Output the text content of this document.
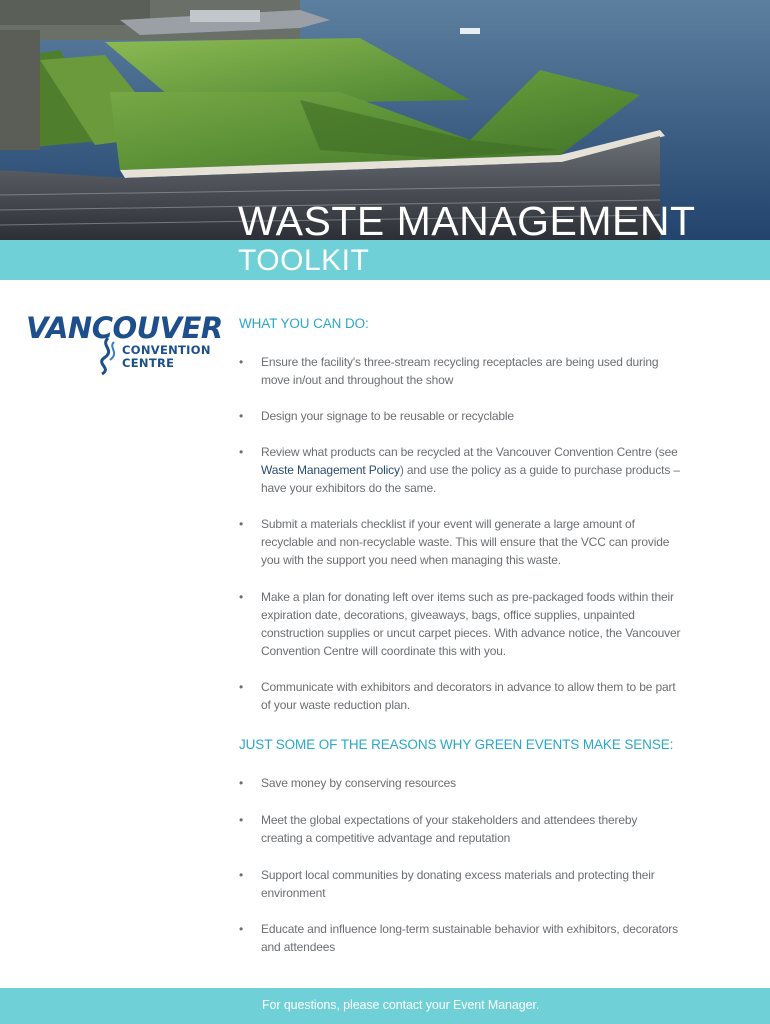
WASTE MANAGEMENT
TOOLKIT
VANCOUVER
CONVENTION
CENTRE
WHAT YOU CAN DO:
• Ensure the facility's three-stream recycling receptacles are being used during move in/out and throughout the show
• Design your signage to be reusable or recyclable
• Review what products can be recycled at the Vancouver Convention Centre (see Waste Management Policy) and use the policy as a guide to purchase products – have your exhibitors do the same.
• Submit a materials checklist if your event will generate a large amount of recyclable and non-recyclable waste. This will ensure that the VCC can provide you with the support you need when managing this waste.
• Make a plan for donating left over items such as pre-packaged foods within their expiration date, decorations, giveaways, bags, office supplies, unpainted construction supplies or uncut carpet pieces. With advance notice, the Vancouver Convention Centre will coordinate this with you.
• Communicate with exhibitors and decorators in advance to allow them to be part of your waste reduction plan.
JUST SOME OF THE REASONS WHY GREEN EVENTS MAKE SENSE:
• Save money by conserving resources
• Meet the global expectations of your stakeholders and attendees thereby creating a competitive advantage and reputation
• Support local communities by donating excess materials and protecting their environment
• Educate and influence long-term sustainable behavior with exhibitors, decorators and attendees
For questions, please contact your Event Manager.
